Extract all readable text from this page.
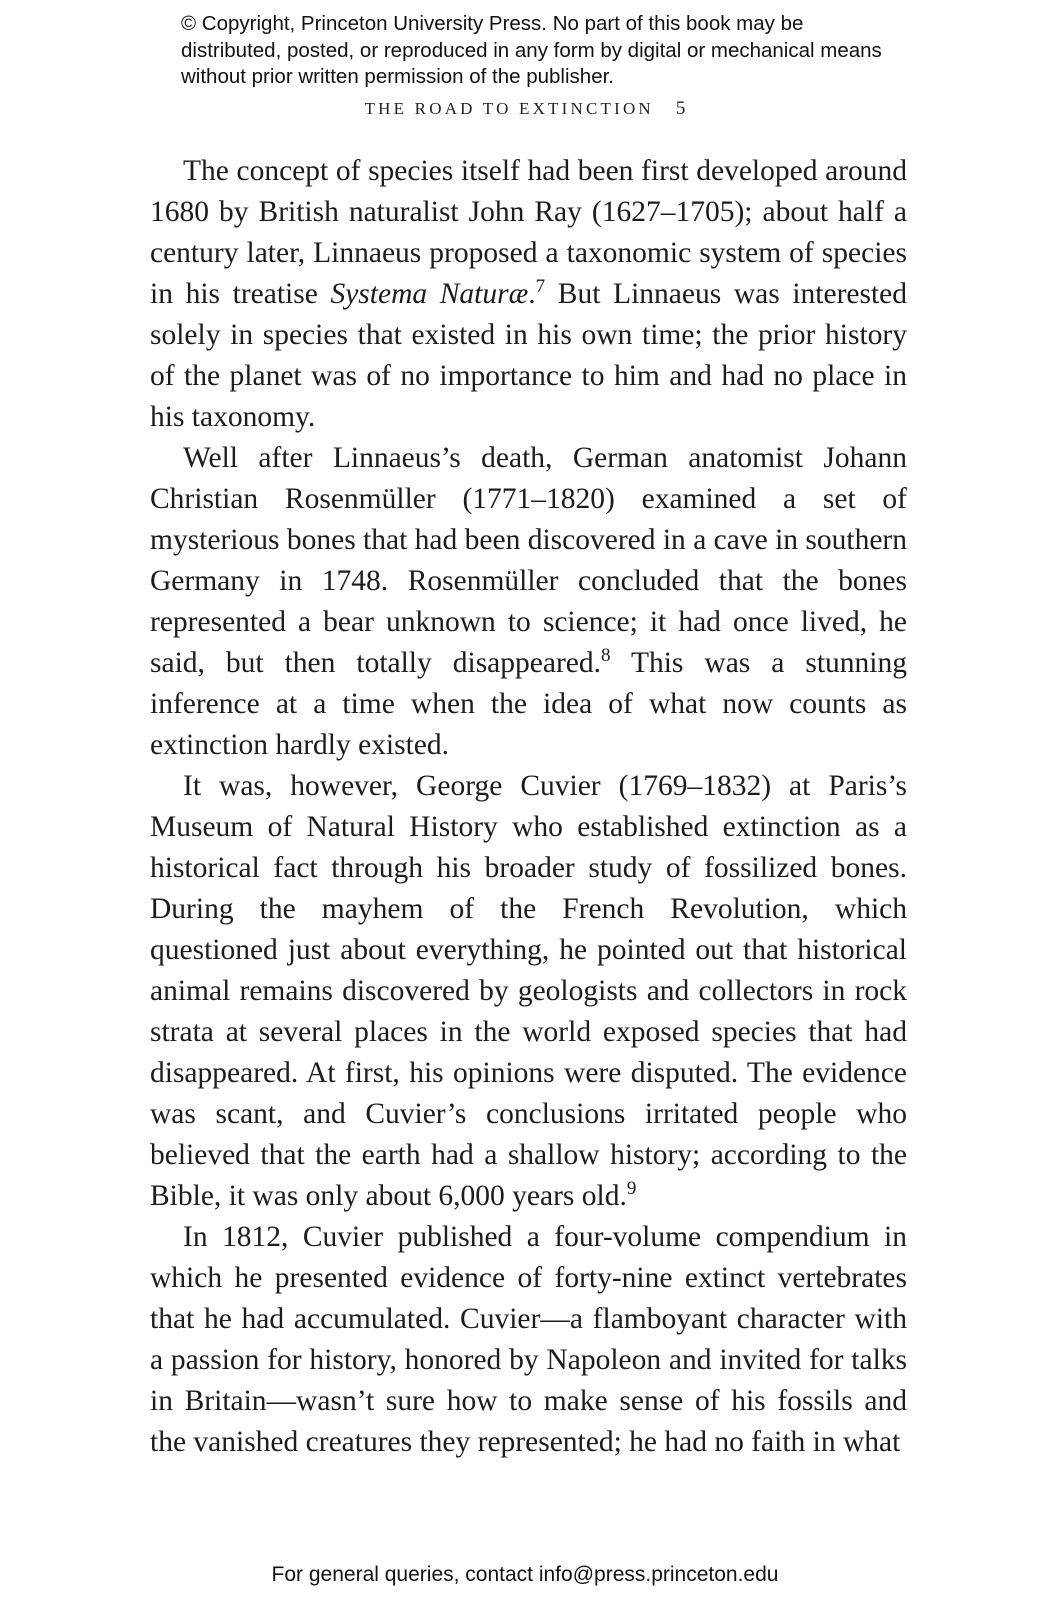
© Copyright, Princeton University Press. No part of this book may be distributed, posted, or reproduced in any form by digital or mechanical means without prior written permission of the publisher.
THE ROAD TO EXTINCTION 5

The concept of species itself had been first developed around 1680 by British naturalist John Ray (1627–1705); about half a century later, Linnaeus proposed a taxonomic system of species in his treatise Systema Naturæ.$^7$ But Linnaeus was interested solely in species that existed in his own time; the prior history of the planet was of no importance to him and had no place in his taxonomy.

Well after Linnaeus’s death, German anatomist Johann Christian Rosenmüller (1771–1820) examined a set of mysterious bones that had been discovered in a cave in southern Germany in 1748. Rosenmüller concluded that the bones represented a bear unknown to science; it had once lived, he said, but then totally disappeared.$^8$ This was a stunning inference at a time when the idea of what now counts as extinction hardly existed.

It was, however, George Cuvier (1769–1832) at Paris’s Museum of Natural History who established extinction as a historical fact through his broader study of fossilized bones. During the mayhem of the French Revolution, which questioned just about everything, he pointed out that historical animal remains discovered by geologists and collectors in rock strata at several places in the world exposed species that had disappeared. At first, his opinions were disputed. The evidence was scant, and Cuvier’s conclusions irritated people who believed that the earth had a shallow history; according to the Bible, it was only about 6,000 years old.$^9$

In 1812, Cuvier published a four-volume compendium in which he presented evidence of forty-nine extinct vertebrates that he had accumulated. Cuvier—a flamboyant character with a passion for history, honored by Napoleon and invited for talks in Britain—wasn’t sure how to make sense of his fossils and the vanished creatures they represented; he had no faith in what

For general queries, contact info@press.princeton.edu
